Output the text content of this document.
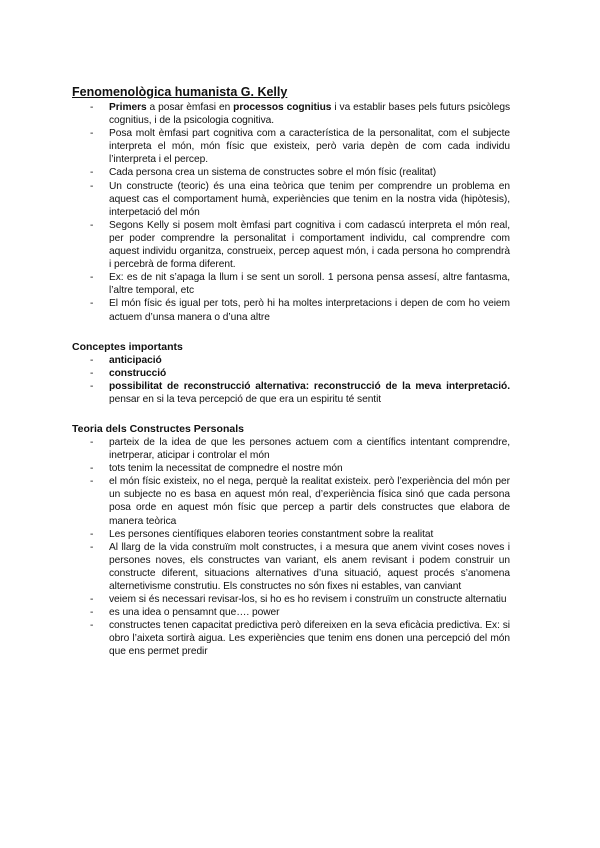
Fenomenològica humanista G. Kelly
- Primers a posar èmfasi en processos cognitius i va establir bases pels futurs psicòlegs cognitius, i de la psicologia cognitiva.
- Posa molt èmfasi part cognitiva com a característica de la personalitat, com el subjecte interpreta el món, món físic que existeix, però varia depèn de com cada individu l’interpreta i el percep.
- Cada persona crea un sistema de constructes sobre el món físic (realitat)
- Un constructe (teoric) és una eina teòrica que tenim per comprendre un problema en aquest cas el comportament humà, experiències que tenim en la nostra vida (hipòtesis), interpetació del món
- Segons Kelly si posem molt èmfasi part cognitiva i com cadascú interpreta el món real, per poder comprendre la personalitat i comportament individu, cal comprendre com aquest individu organitza, construeix, percep aquest món, i cada persona ho comprendrà i percebrà de forma diferent.
- Ex: es de nit s’apaga la llum i se sent un soroll. 1 persona pensa assesí, altre fantasma, l’altre temporal, etc
- El món físic és igual per tots, però hi ha moltes interpretacions i depen de com ho veiem actuem d’unsa manera o d’una altre
Conceptes importants
- anticipació
- construcció
- possibilitat de reconstrucció alternativa: reconstrucció de la meva interpretació. pensar en si la teva percepció de que era un espiritu té sentit
Teoria dels Constructes Personals
- parteix de la idea de que les persones actuem com a científics intentant comprendre, inetrperar, aticipar i controlar el món
- tots tenim la necessitat de compnedre el nostre món
- el món físic existeix, no el nega, perquè la realitat existeix. però l’experiència del món per un subjecte no es basa en aquest món real, d’experiència física sinó que cada persona posa orde en aquest món físic que percep a partir dels constructes que elabora de manera teòrica
- Les persones científiques elaboren teories constantment sobre la realitat
- Al llarg de la vida construïm molt constructes, i a mesura que anem vivint coses noves i persones noves, els constructes van variant, els anem revisant i podem construir un constructe diferent, situacions alternatives d’una situació, aquest procés s’anomena alternetivisme construtiu. Els constructes no són fixes ni estables, van canviant
- veiem si és necessari revisar-los, si ho es ho revisem i construïm un constructe alternatiu
- es una idea o pensamnt que…. power
- constructes tenen capacitat predictiva però difereixen en la seva eficàcia predictiva. Ex: si obro l’aixeta sortirà aigua. Les experiències que tenim ens donen una percepció del món que ens permet predir
